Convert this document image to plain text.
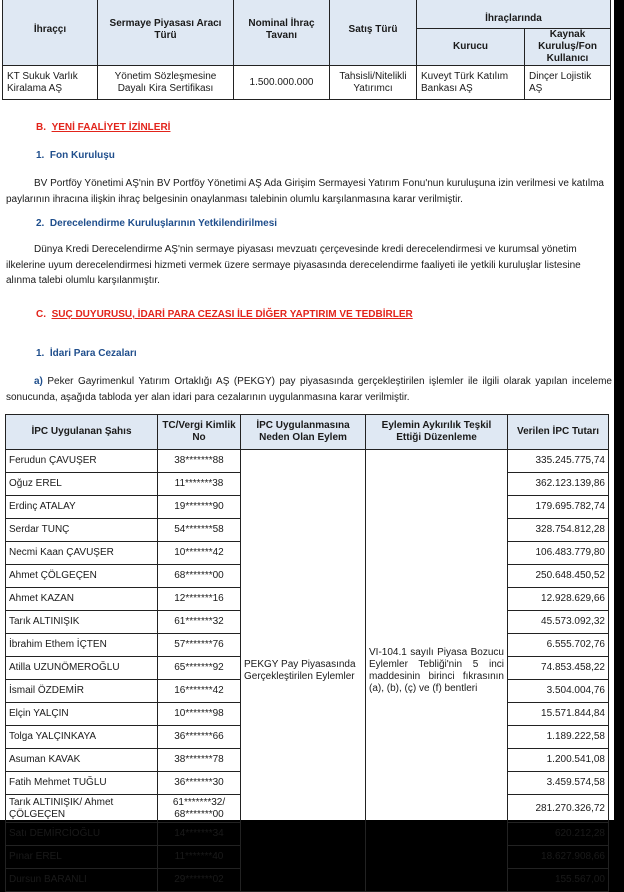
İhraççı	Sermaye Piyasası Aracı Türü	Nominal İhraç Tavanı	Satış Türü	İhraçlarında	
				Kurucu	Kaynak Kuruluş/Fon Kullanıcı
KT Sukuk Varlık Kiralama AŞ	Yönetim Sözleşmesine Dayalı Kira Sertifikası	1.500.000.000	Tahsisli/Nitelikli Yatırımcı	Kuveyt Türk Katılım Bankası AŞ	Dinçer Lojistik AŞ
B. YENİ FAALİYET İZİNLERİ
1. Fon Kuruluşu
BV Portföy Yönetimi AŞ'nin BV Portföy Yönetimi AŞ Ada Girişim Sermayesi Yatırım Fonu'nun kuruluşuna izin verilmesi ve katılma paylarının ihracına ilişkin ihraç belgesinin onaylanması talebinin olumlu karşılanmasına karar verilmiştir.
2. Derecelendirme Kuruluşlarının Yetkilendirilmesi
Dünya Kredi Derecelendirme AŞ'nin sermaye piyasası mevzuatı çerçevesinde kredi derecelendirmesi ve kurumsal yönetim ilkelerine uyum derecelendirmesi hizmeti vermek üzere sermaye piyasasında derecelendirme faaliyeti ile yetkili kuruluşlar listesine alınma talebi olumlu karşılanmıştır.
C. SUÇ DUYURUSU, İDARİ PARA CEZASI İLE DİĞER YAPTIRIM VE TEDBİRLER
1. İdari Para Cezaları
a) Peker Gayrimenkul Yatırım Ortaklığı AŞ (PEKGY) pay piyasasında gerçekleştirilen işlemler ile ilgili olarak yapılan inceleme sonucunda, aşağıda tabloda yer alan idari para cezalarının uygulanmasına karar verilmiştir.
İPC Uygulanan Şahıs	TC/Vergi Kimlik No	İPC Uygulanmasına Neden Olan Eylem	Eylemin Aykırılık Teşkil Ettiği Düzenleme	Verilen İPC Tutarı
Ferudun ÇAVUŞER	38*******88	PEKGY Pay Piyasasında Gerçekleştirilen Eylemler	VI-104.1 sayılı Piyasa Bozucu Eylemler Tebliği'nin 5 inci maddesinin birinci fıkrasının (a), (b), (ç) ve (f) bentleri	335.245.775,74
Oğuz EREL	11*******38			362.123.139,86
Erdinç ATALAY	19*******90			179.695.782,74
Serdar TUNÇ	54*******58			328.754.812,28
Necmi Kaan ÇAVUŞER	10*******42			106.483.779,80
Ahmet ÇÖLGEÇEN	68*******00			250.648.450,52
Ahmet KAZAN	12*******16			12.928.629,66
Tarık ALTINIŞIK	61*******32			45.573.092,32
İbrahim Ethem İÇTEN	57*******76			6.555.702,76
Atilla UZUNÖMEROĞLU	65*******92			74.853.458,22
İsmail ÖZDEMİR	16*******42			3.504.004,76
Elçin YALÇIN	10*******98			15.571.844,84
Tolga YALÇINKAYA	36*******66			1.189.222,58
Asuman KAVAK	38*******78			1.200.541,08
Fatih Mehmet TUĞLU	36*******30			3.459.574,58
Tarık ALTINIŞIK/ Ahmet ÇÖLGEÇEN	61*******32/ 68*******00			281.270.326,72
Satı DEMİRCİOĞLU	14*******34			620.212,28
Pınar EREL	11*******40			18.627.908,66
Dursun BARANLI	29*******02			155.567,00
